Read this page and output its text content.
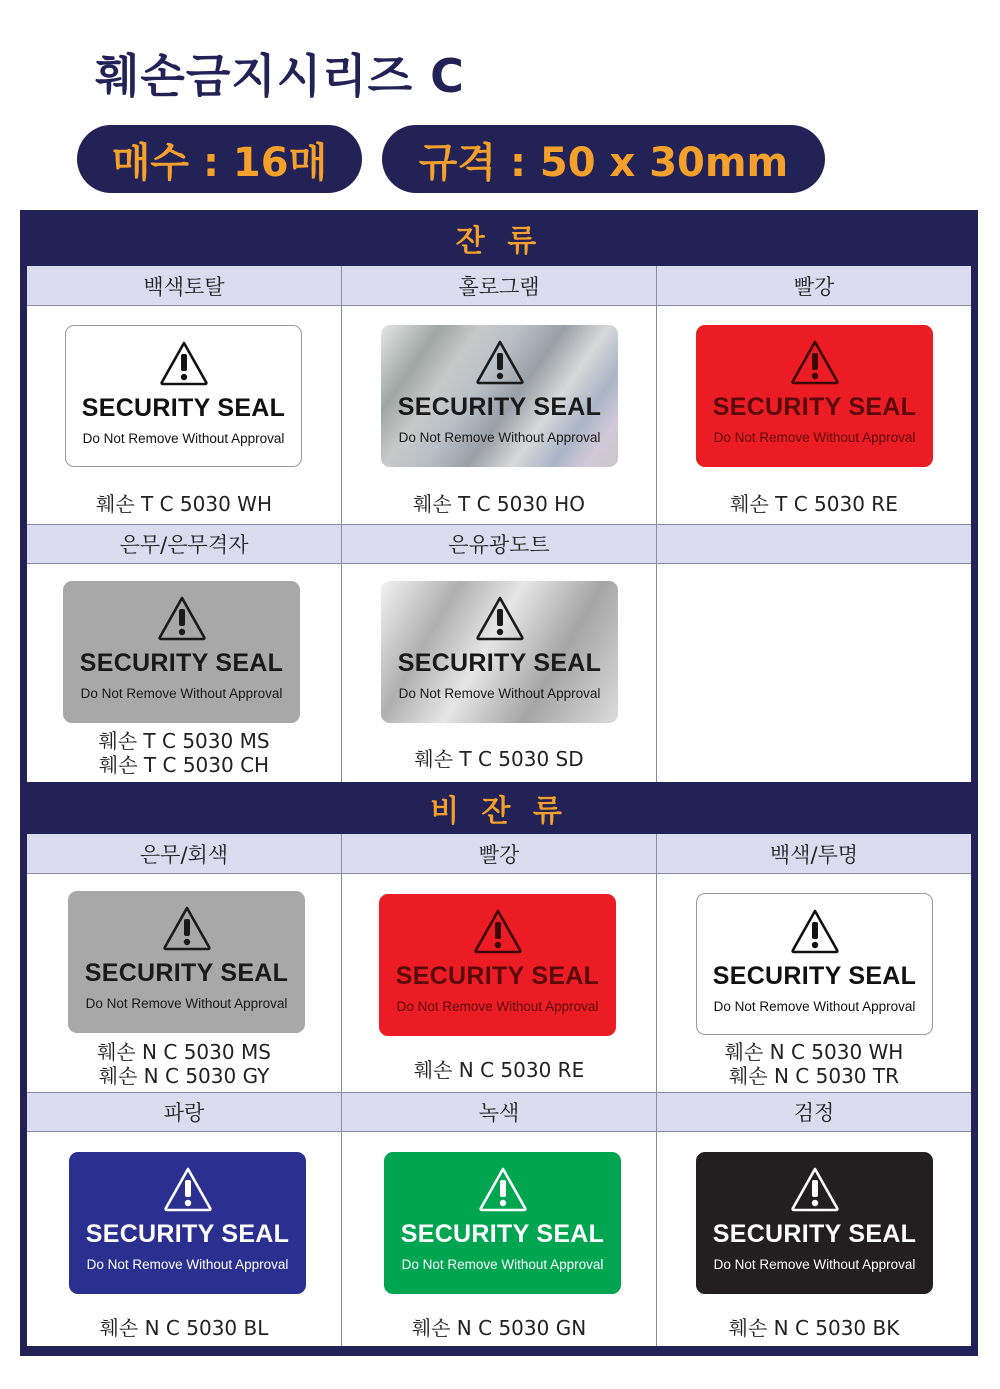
훼손금지시리즈 C
매수 : 16매	규격 : 50 x 30mm
잔 류
백색토탈	홀로그램	빨강
SECURITY SEAL
Do Not Remove Without Approval
훼손 T C 5030 WH
SECURITY SEAL
Do Not Remove Without Approval
훼손 T C 5030 HO
SECURITY SEAL
Do Not Remove Without Approval
훼손 T C 5030 RE
은무/은무격자	은유광도트
SECURITY SEAL
Do Not Remove Without Approval
훼손 T C 5030 MS
훼손 T C 5030 CH
SECURITY SEAL
Do Not Remove Without Approval
훼손 T C 5030 SD
비 잔 류
은무/회색	빨강	백색/투명
SECURITY SEAL
Do Not Remove Without Approval
훼손 N C 5030 MS
훼손 N C 5030 GY
SECURITY SEAL
Do Not Remove Without Approval
훼손 N C 5030 RE
SECURITY SEAL
Do Not Remove Without Approval
훼손 N C 5030 WH
훼손 N C 5030 TR
파랑	녹색	검정
SECURITY SEAL
Do Not Remove Without Approval
훼손 N C 5030 BL
SECURITY SEAL
Do Not Remove Without Approval
훼손 N C 5030 GN
SECURITY SEAL
Do Not Remove Without Approval
훼손 N C 5030 BK
